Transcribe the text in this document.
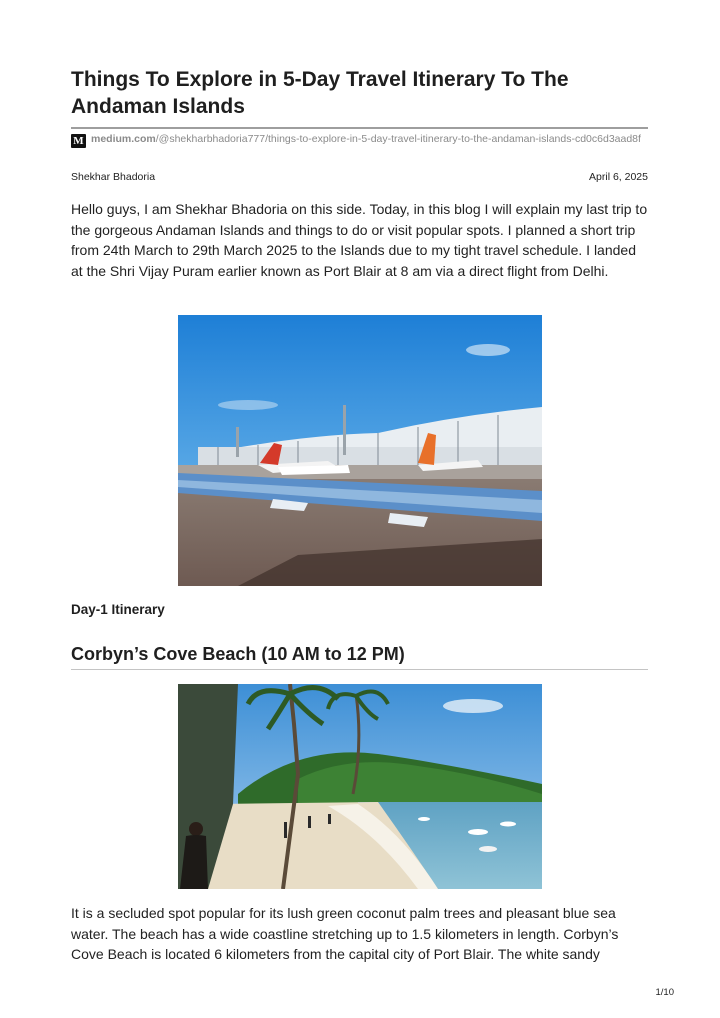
Things To Explore in 5-Day Travel Itinerary To The Andaman Islands
M medium.com/@shekharbhadoria777/things-to-explore-in-5-day-travel-itinerary-to-the-andaman-islands-cd0c6d3aad8f
Shekhar Bhadoria	April 6, 2025

Hello guys, I am Shekhar Bhadoria on this side. Today, in this blog I will explain my last trip to the gorgeous Andaman Islands and things to do or visit popular spots. I planned a short trip from 24th March to 29th March 2025 to the Islands due to my tight travel schedule. I landed at the Shri Vijay Puram earlier known as Port Blair at 8 am via a direct flight from Delhi.

Day-1 Itinerary
Corbyn’s Cove Beach (10 AM to 12 PM)

It is a secluded spot popular for its lush green coconut palm trees and pleasant blue sea water. The beach has a wide coastline stretching up to 1.5 kilometers in length. Corbyn’s Cove Beach is located 6 kilometers from the capital city of Port Blair. The white sandy

1/10
